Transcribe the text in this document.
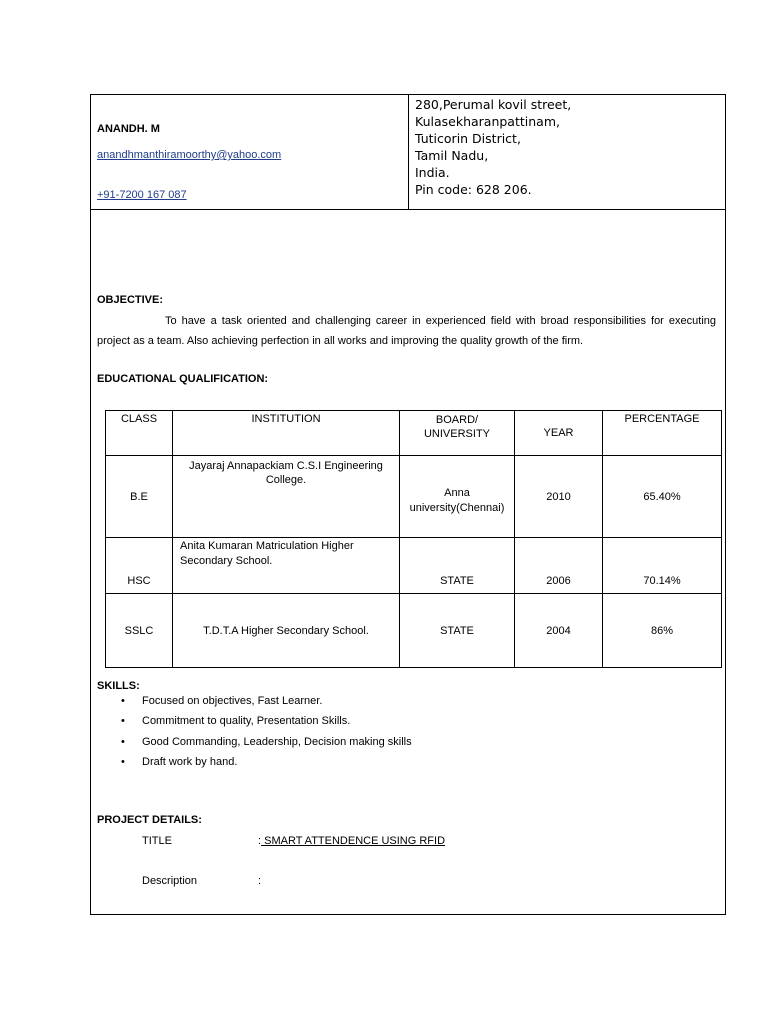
ANANDH. M
anandhmanthiramoorthy@yahoo.com
+91-7200 167 087
280,Perumal kovil street,
Kulasekharanpattinam,
Tuticorin District,
Tamil Nadu,
India.
Pin code: 628 206.
OBJECTIVE:
To have a task oriented and challenging career in experienced field with broad responsibilities for executing project as a team. Also achieving perfection in all works and improving the quality growth of the firm.
EDUCATIONAL QUALIFICATION:
CLASS	INSTITUTION	BOARD/ UNIVERSITY	YEAR	PERCENTAGE
B.E	Jayaraj Annapackiam C.S.I Engineering College.	Anna university(Chennai)	2010	65.40%
HSC	Anita Kumaran Matriculation Higher Secondary School.	STATE	2006	70.14%
SSLC	T.D.T.A Higher Secondary School.	STATE	2004	86%
SKILLS:
• Focused on objectives, Fast Learner.
• Commitment to quality, Presentation Skills.
• Good Commanding, Leadership, Decision making skills
• Draft work by hand.
PROJECT DETAILS:
TITLE	: SMART ATTENDENCE USING RFID
Description	:
